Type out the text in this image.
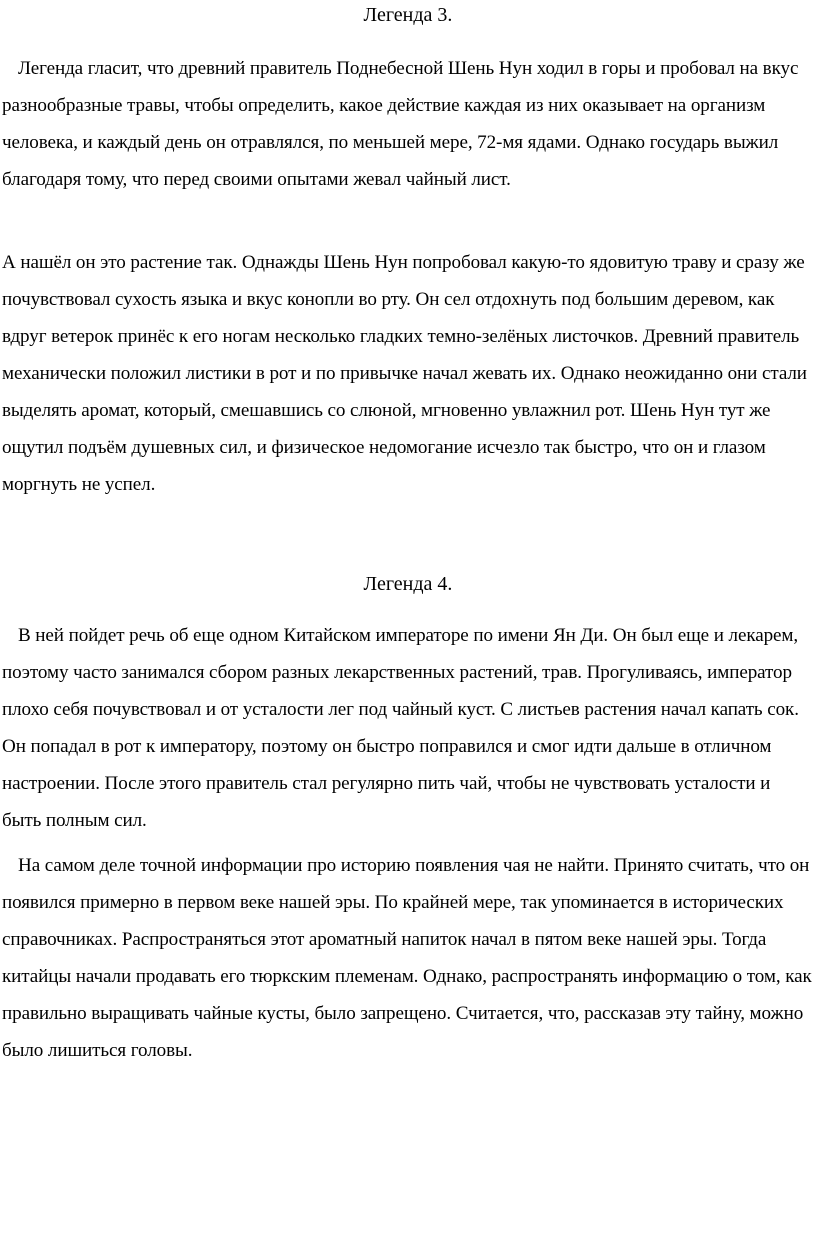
Легенда 3.

Легенда гласит, что древний правитель Поднебесной Шень Нун ходил в горы и пробовал на вкус разнообразные травы, чтобы определить, какое действие каждая из них оказывает на организм человека, и каждый день он отравлялся, по меньшей мере, 72-мя ядами. Однако государь выжил благодаря тому, что перед своими опытами жевал чайный лист.

А нашёл он это растение так. Однажды Шень Нун попробовал какую-то ядовитую траву и сразу же почувствовал сухость языка и вкус конопли во рту. Он сел отдохнуть под большим деревом, как вдруг ветерок принёс к его ногам несколько гладких темно-зелёных листочков. Древний правитель механически положил листики в рот и по привычке начал жевать их. Однако неожиданно они стали выделять аромат, который, смешавшись со слюной, мгновенно увлажнил рот. Шень Нун тут же ощутил подъём душевных сил, и физическое недомогание исчезло так быстро, что он и глазом моргнуть не успел.

Легенда 4.

В ней пойдет речь об еще одном Китайском императоре по имени Ян Ди. Он был еще и лекарем, поэтому часто занимался сбором разных лекарственных растений, трав. Прогуливаясь, император плохо себя почувствовал и от усталости лег под чайный куст. С листьев растения начал капать сок. Он попадал в рот к императору, поэтому он быстро поправился и смог идти дальше в отличном настроении. После этого правитель стал регулярно пить чай, чтобы не чувствовать усталости и быть полным сил.

На самом деле точной информации про историю появления чая не найти. Принято считать, что он появился примерно в первом веке нашей эры. По крайней мере, так упоминается в исторических справочниках. Распространяться этот ароматный напиток начал в пятом веке нашей эры. Тогда китайцы начали продавать его тюркским племенам. Однако, распространять информацию о том, как правильно выращивать чайные кусты, было запрещено. Считается, что, рассказав эту тайну, можно было лишиться головы.
